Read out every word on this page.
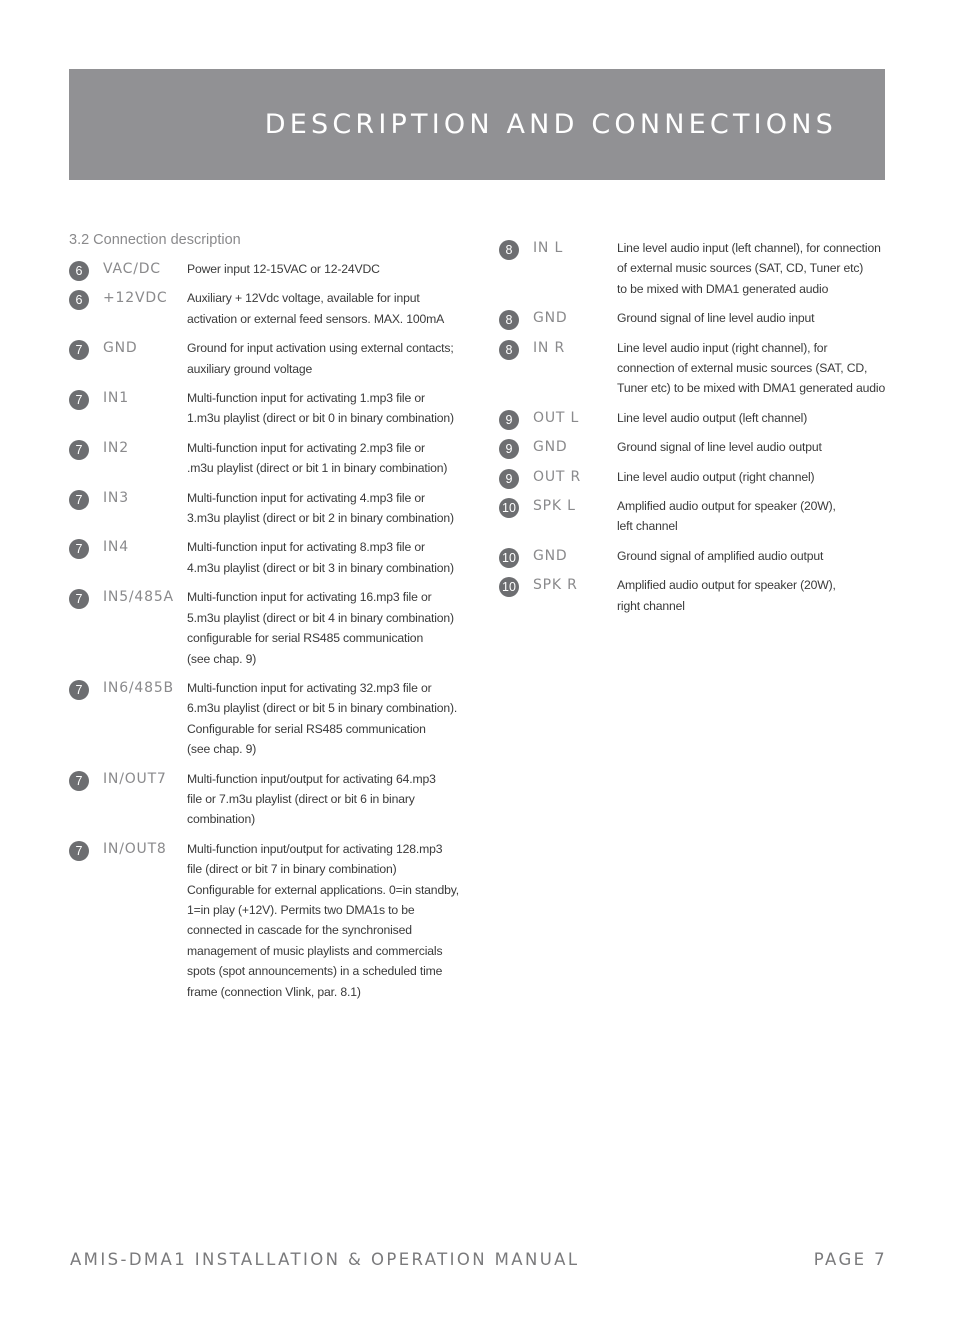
DESCRIPTION AND CONNECTIONS
3.2 Connection description
6	VAC/DC Power input 12-15VAC or 12-24VDC
6	+12VDC Auxiliary + 12Vdc voltage, available for input
activation or external feed sensors. MAX. 100mA
7	GND	Ground for input activation using external contacts;
auxiliary ground voltage
7	IN1	Multi-function input for activating 1.mp3 file or
1.m3u playlist (direct or bit 0 in binary combination)
7	IN2	Multi-function input for activating 2.mp3 file or
.m3u playlist (direct or bit 1 in binary combination)
7	IN3	Multi-function input for activating 4.mp3 file or
3.m3u playlist (direct or bit 2 in binary combination)
7	IN4	Multi-function input for activating 8.mp3 file or
4.m3u playlist (direct or bit 3 in binary combination)
7	IN5/485A Multi-function input for activating 16.mp3 file or
5.m3u playlist (direct or bit 4 in binary combination)
configurable for serial RS485 communication
(see chap. 9)
7	IN6/485B Multi-function input for activating 32.mp3 file or
6.m3u playlist (direct or bit 5 in binary combination).
Configurable for serial RS485 communication
(see chap. 9)
7	IN/OUT7 Multi-function input/output for activating 64.mp3
file or 7.m3u playlist (direct or bit 6 in binary
combination)
7	IN/OUT8 Multi-function input/output for activating 128.mp3
file (direct or bit 7 in binary combination)
Configurable for external applications. 0=in standby,
1=in play (+12V). Permits two DMA1s to be
connected in cascade for the synchronised
management of music playlists and commercials
spots (spot announcements) in a scheduled time
frame (connection Vlink, par. 8.1)
8	IN L	Line level audio input (left channel), for connection
of external music sources (SAT, CD, Tuner etc)
to be mixed with DMA1 generated audio
8	GND	Ground signal of line level audio input
8	IN R	Line level audio input (right channel), for
connection of external music sources (SAT, CD,
Tuner etc) to be mixed with DMA1 generated audio
9	OUT L	Line level audio output (left channel)
9	GND	Ground signal of line level audio output
9	OUT R	Line level audio output (right channel)
10 SPK L	Amplified audio output for speaker (20W),
left channel
10 GND	Ground signal of amplified audio output
10 SPK R	Amplified audio output for speaker (20W),
right channel
AMIS-DMA1 INSTALLATION & OPERATION MANUAL	PAGE 7
